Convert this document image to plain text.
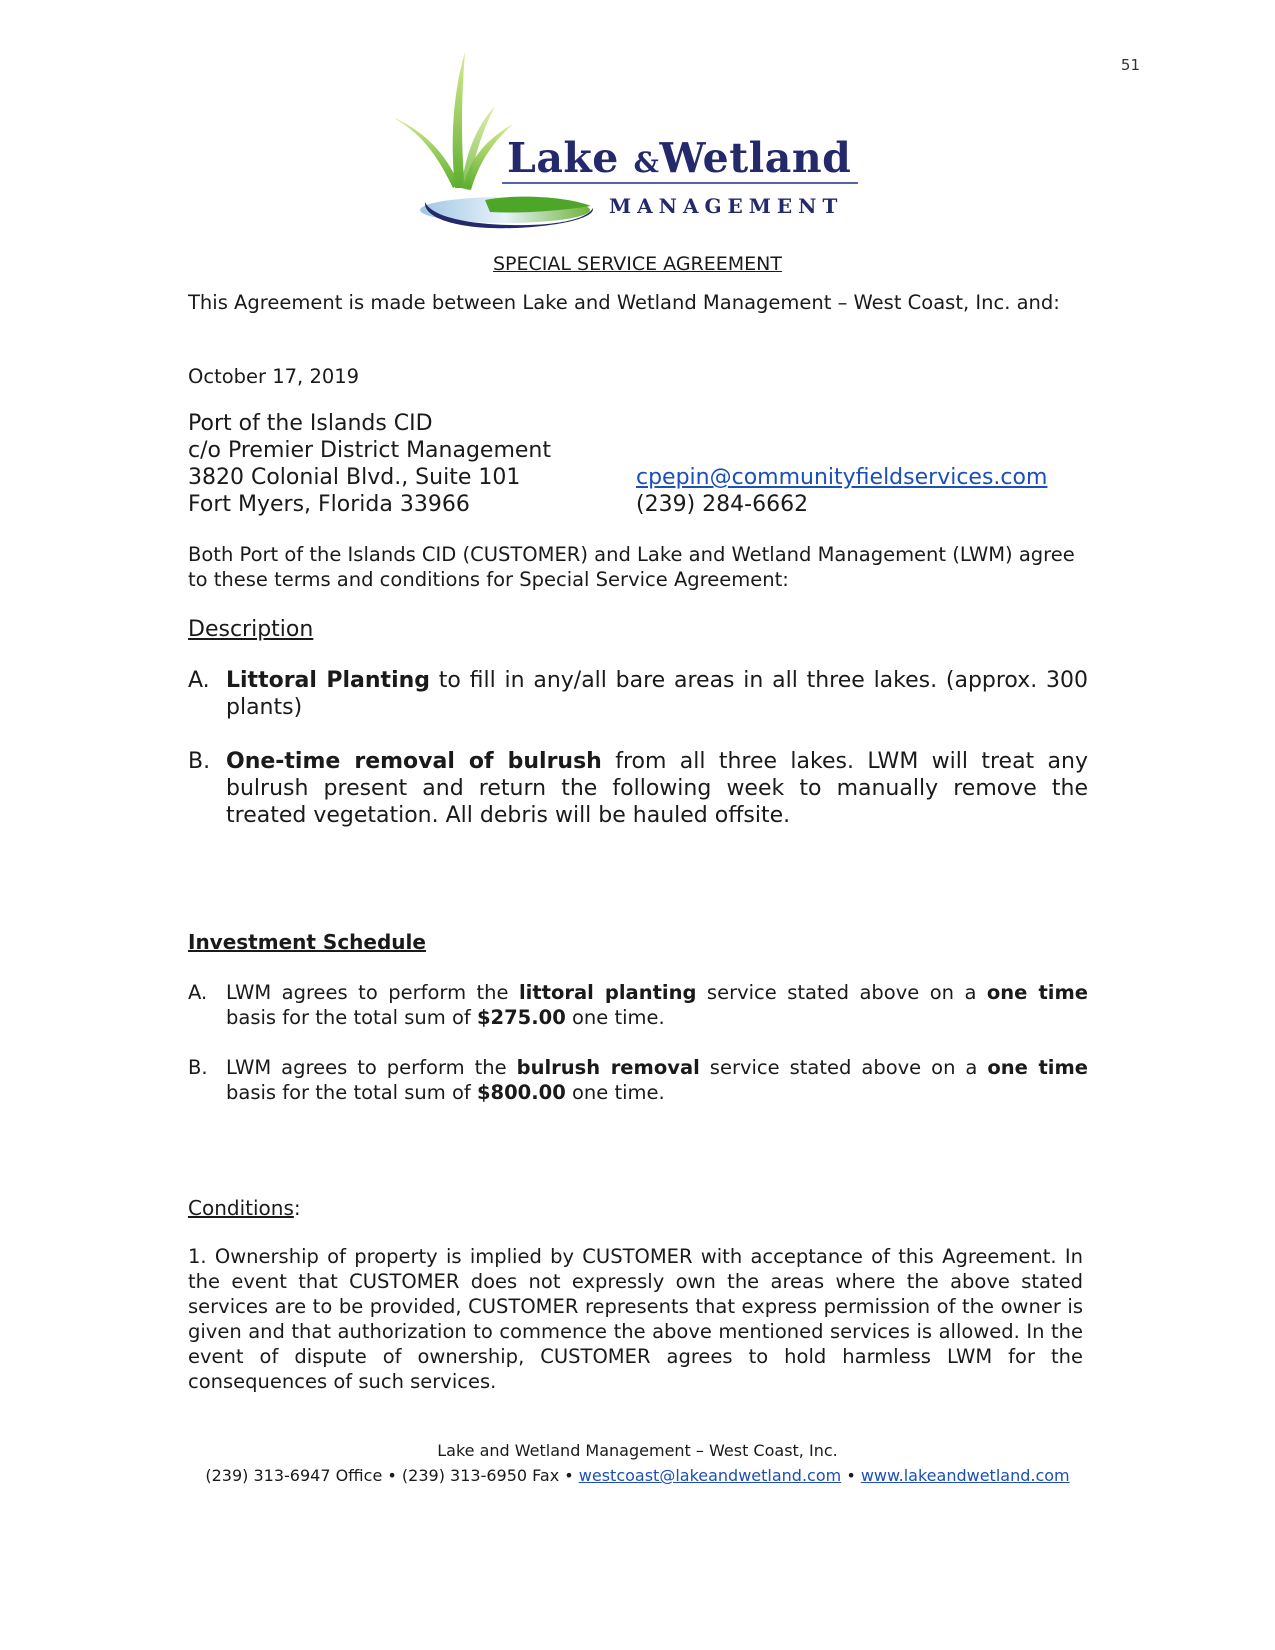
51
Lake &Wetland
MANAGEMENT
SPECIAL SERVICE AGREEMENT
This Agreement is made between Lake and Wetland Management – West Coast, Inc. and:
October 17, 2019
Port of the Islands CID
c/o Premier District Management
3820 Colonial Blvd., Suite 101
Fort Myers, Florida 33966
cpepin@communityfieldservices.com
(239) 284-6662
Both Port of the Islands CID (CUSTOMER) and Lake and Wetland Management (LWM) agree to these terms and conditions for Special Service Agreement:
Description
A. Littoral Planting to fill in any/all bare areas in all three lakes. (approx. 300 plants)
B. One-time removal of bulrush from all three lakes. LWM will treat any bulrush present and return the following week to manually remove the treated vegetation. All debris will be hauled offsite.
Investment Schedule
A. LWM agrees to perform the littoral planting service stated above on a one time basis for the total sum of $275.00 one time.
B. LWM agrees to perform the bulrush removal service stated above on a one time basis for the total sum of $800.00 one time.
Conditions:
1. Ownership of property is implied by CUSTOMER with acceptance of this Agreement. In the event that CUSTOMER does not expressly own the areas where the above stated services are to be provided, CUSTOMER represents that express permission of the owner is given and that authorization to commence the above mentioned services is allowed. In the event of dispute of ownership, CUSTOMER agrees to hold harmless LWM for the consequences of such services.
Lake and Wetland Management – West Coast, Inc.
(239) 313-6947 Office • (239) 313-6950 Fax • westcoast@lakeandwetland.com • www.lakeandwetland.com
